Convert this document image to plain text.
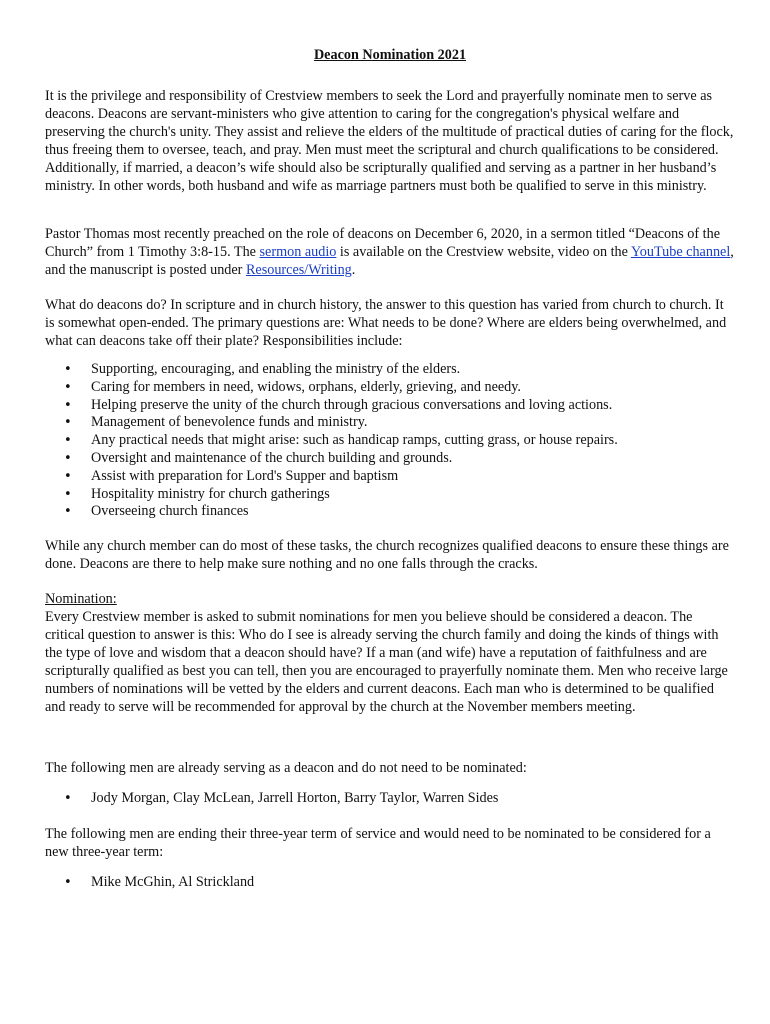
Deacon Nomination 2021

It is the privilege and responsibility of Crestview members to seek the Lord and prayerfully nominate men to serve as deacons. Deacons are servant-ministers who give attention to caring for the congregation's physical welfare and preserving the church's unity. They assist and relieve the elders of the multitude of practical duties of caring for the flock, thus freeing them to oversee, teach, and pray. Men must meet the scriptural and church qualifications to be considered. Additionally, if married, a deacon’s wife should also be scripturally qualified and serving as a partner in her husband’s ministry. In other words, both husband and wife as marriage partners must both be qualified to serve in this ministry.

Pastor Thomas most recently preached on the role of deacons on December 6, 2020, in a sermon titled “Deacons of the Church” from 1 Timothy 3:8-15. The sermon audio is available on the Crestview website, video on the YouTube channel, and the manuscript is posted under Resources/Writing.

What do deacons do? In scripture and in church history, the answer to this question has varied from church to church. It is somewhat open-ended. The primary questions are: What needs to be done? Where are elders being overwhelmed, and what can deacons take off their plate? Responsibilities include:

• Supporting, encouraging, and enabling the ministry of the elders.
• Caring for members in need, widows, orphans, elderly, grieving, and needy.
• Helping preserve the unity of the church through gracious conversations and loving actions.
• Management of benevolence funds and ministry.
• Any practical needs that might arise: such as handicap ramps, cutting grass, or house repairs.
• Oversight and maintenance of the church building and grounds.
• Assist with preparation for Lord's Supper and baptism
• Hospitality ministry for church gatherings
• Overseeing church finances

While any church member can do most of these tasks, the church recognizes qualified deacons to ensure these things are done. Deacons are there to help make sure nothing and no one falls through the cracks.

Nomination:
Every Crestview member is asked to submit nominations for men you believe should be considered a deacon. The critical question to answer is this: Who do I see is already serving the church family and doing the kinds of things with the type of love and wisdom that a deacon should have? If a man (and wife) have a reputation of faithfulness and are scripturally qualified as best you can tell, then you are encouraged to prayerfully nominate them. Men who receive large numbers of nominations will be vetted by the elders and current deacons. Each man who is determined to be qualified and ready to serve will be recommended for approval by the church at the November members meeting.

The following men are already serving as a deacon and do not need to be nominated:

• Jody Morgan, Clay McLean, Jarrell Horton, Barry Taylor, Warren Sides

The following men are ending their three-year term of service and would need to be nominated to be considered for a new three-year term:

• Mike McGhin, Al Strickland
